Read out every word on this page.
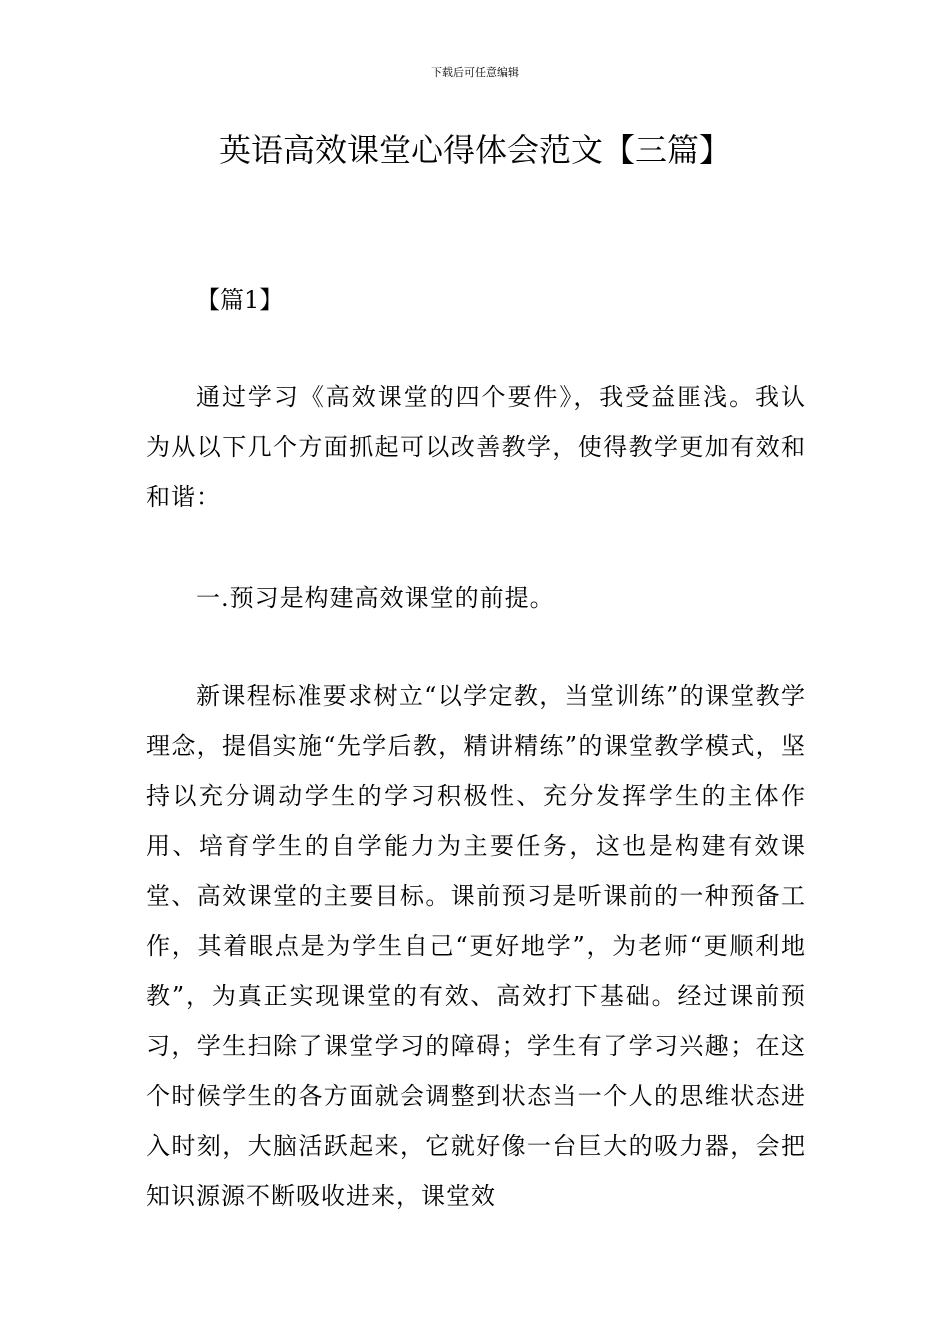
下载后可任意编辑
英语高效课堂心得体会范文【三篇】
【篇1】

通过学习《高效课堂的四个要件》，我受益匪浅。我认为从以下几个方面抓起可以改善教学，使得教学更加有效和和谐：

一.预习是构建高效课堂的前提。

新课程标准要求树立“以学定教，当堂训练”的课堂教学理念，提倡实施“先学后教，精讲精练”的课堂教学模式，坚持以充分调动学生的学习积极性、充分发挥学生的主体作用、培育学生的自学能力为主要任务，这也是构建有效课堂、高效课堂的主要目标。课前预习是听课前的一种预备工作，其着眼点是为学生自己“更好地学”，为老师“更顺利地教”，为真正实现课堂的有效、高效打下基础。经过课前预习，学生扫除了课堂学习的障碍；学生有了学习兴趣；在这个时候学生的各方面就会调整到状态当一个人的思维状态进入时刻，大脑活跃起来，它就好像一台巨大的吸力器，会把知识源源不断吸收进来，课堂效
